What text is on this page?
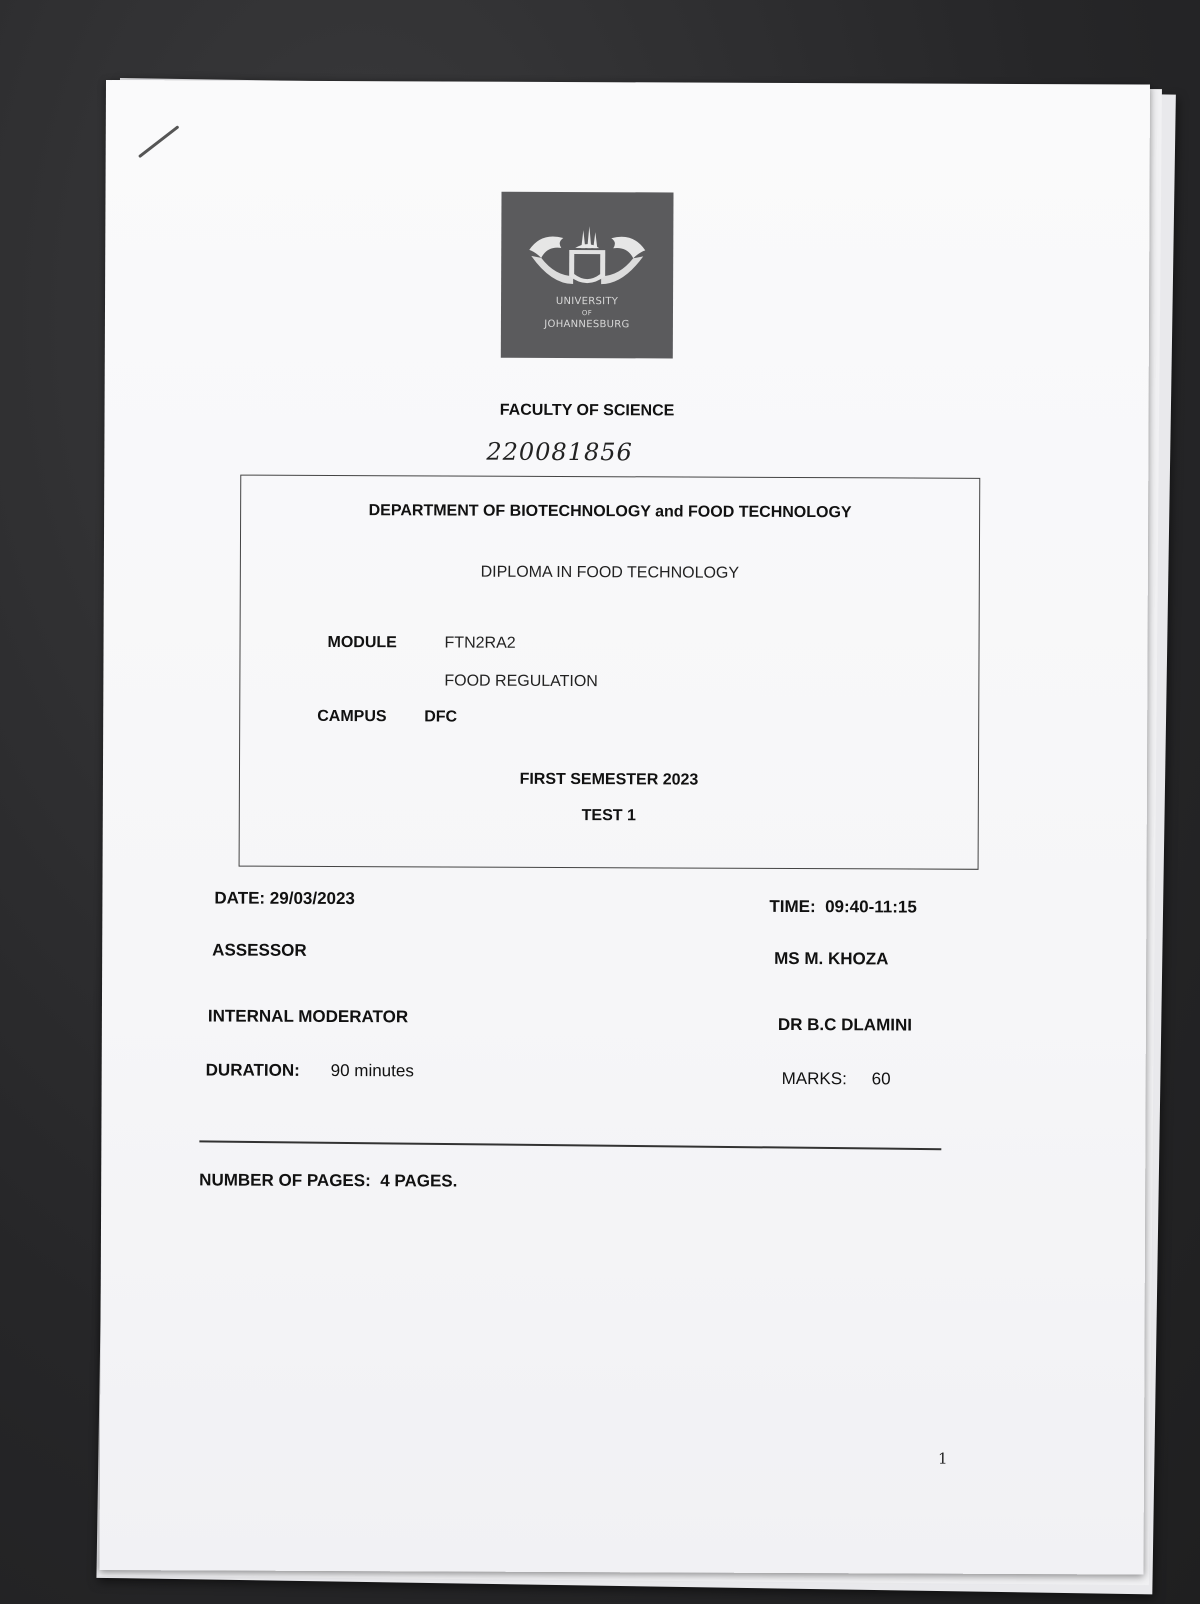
UNIVERSITY
OF
JOHANNESBURG
FACULTY OF SCIENCE
220081856
DEPARTMENT OF BIOTECHNOLOGY and FOOD TECHNOLOGY
DIPLOMA IN FOOD TECHNOLOGY
MODULE	FTN2RA2
FOOD REGULATION
CAMPUS DFC
FIRST SEMESTER 2023
TEST 1
DATE: 29/03/2023	TIME:  09:40-11:15
ASSESSOR	MS M. KHOZA
INTERNAL MODERATOR	DR B.C DLAMINI
DURATION: 90 minutes	MARKS: 60
NUMBER OF PAGES:  4 PAGES.
1
